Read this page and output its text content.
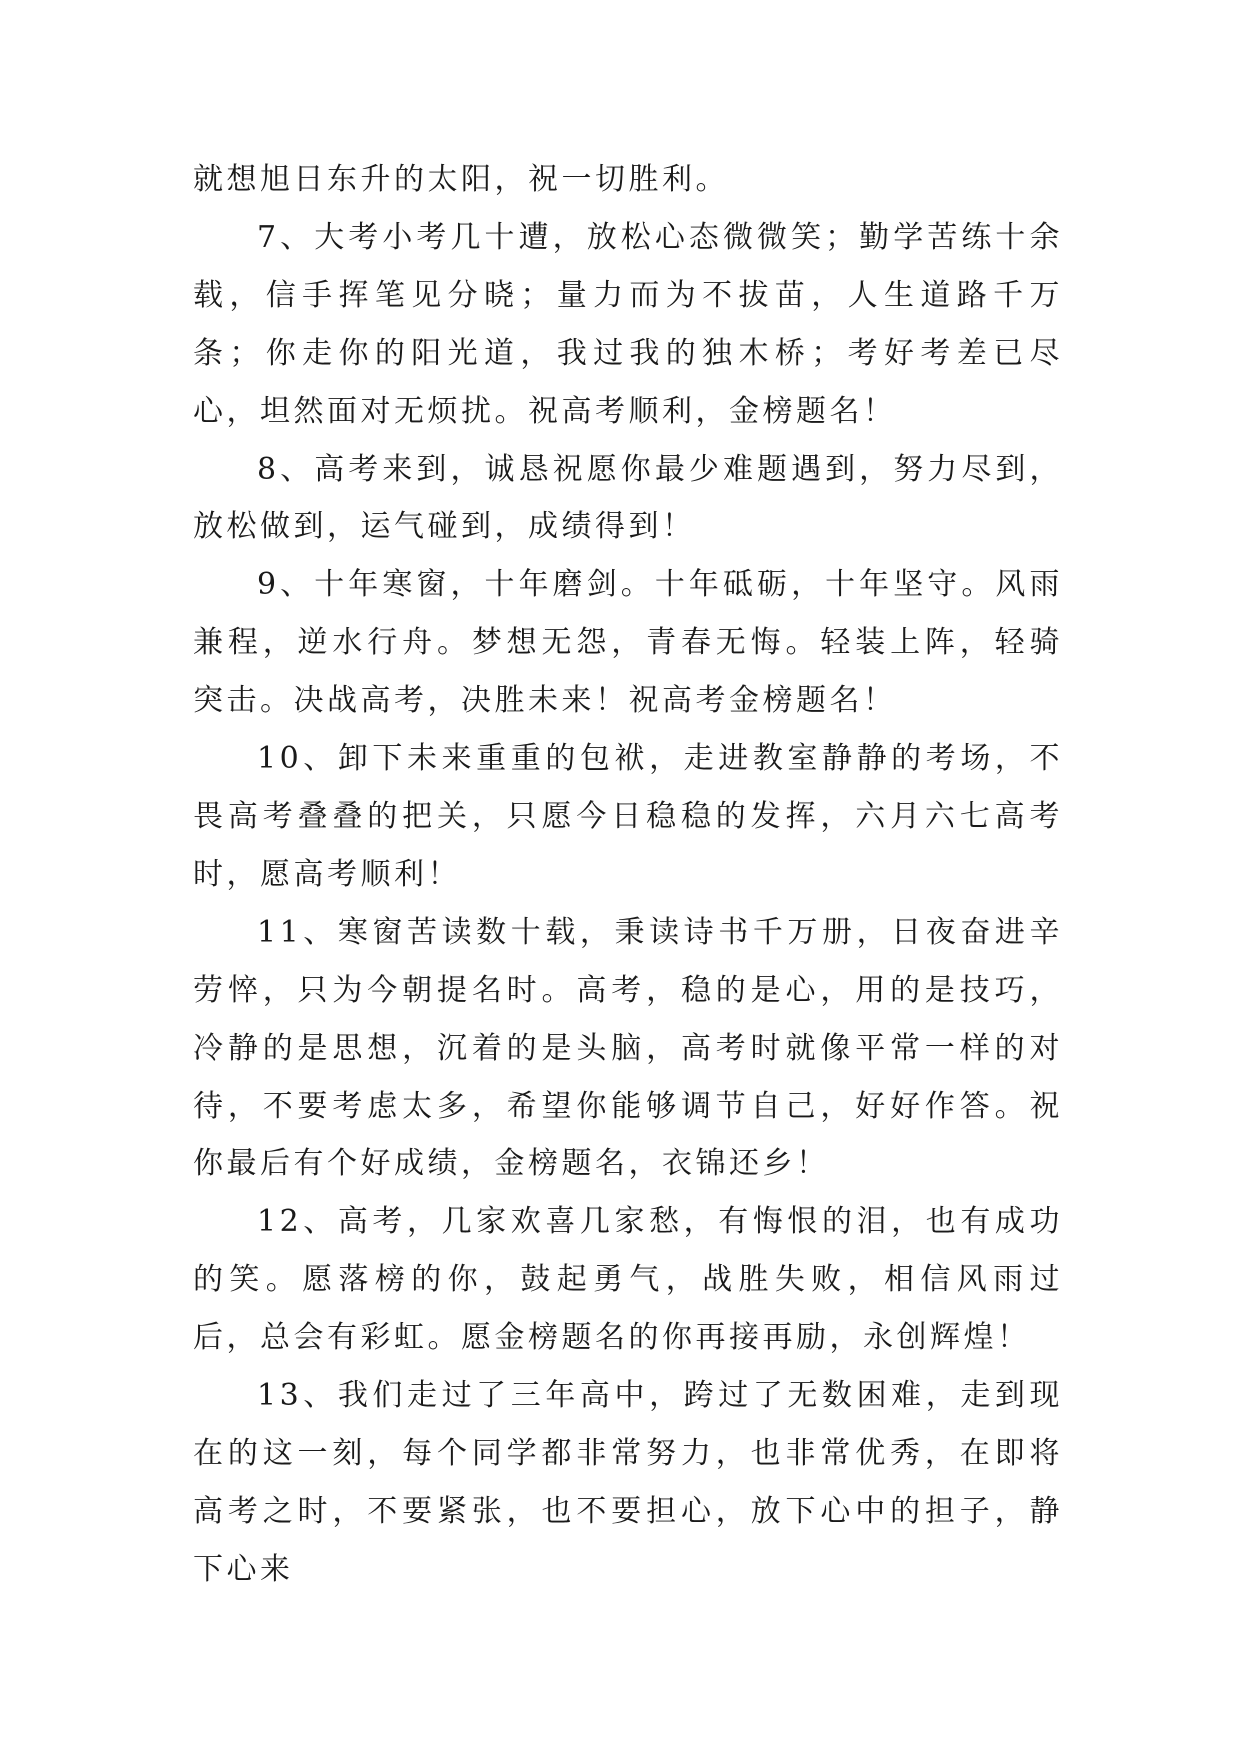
就想旭日东升的太阳，祝一切胜利。

7、大考小考几十遭，放松心态微微笑；勤学苦练十余载，信手挥笔见分晓；量力而为不拔苗，人生道路千万条；你走你的阳光道，我过我的独木桥；考好考差已尽心，坦然面对无烦扰。祝高考顺利，金榜题名！

8、高考来到，诚恳祝愿你最少难题遇到，努力尽到，放松做到，运气碰到，成绩得到！

9、十年寒窗，十年磨剑。十年砥砺，十年坚守。风雨兼程，逆水行舟。梦想无怨，青春无悔。轻装上阵，轻骑突击。决战高考，决胜未来！祝高考金榜题名！

10、卸下未来重重的包袱，走进教室静静的考场，不畏高考叠叠的把关，只愿今日稳稳的发挥，六月六七高考时，愿高考顺利！

11、寒窗苦读数十载，秉读诗书千万册，日夜奋进辛劳悴，只为今朝提名时。高考，稳的是心，用的是技巧，冷静的是思想，沉着的是头脑，高考时就像平常一样的对待，不要考虑太多，希望你能够调节自己，好好作答。祝你最后有个好成绩，金榜题名，衣锦还乡！

12、高考，几家欢喜几家愁，有悔恨的泪，也有成功的笑。愿落榜的你，鼓起勇气，战胜失败，相信风雨过后，总会有彩虹。愿金榜题名的你再接再励，永创辉煌！

13、我们走过了三年高中，跨过了无数困难，走到现在的这一刻，每个同学都非常努力，也非常优秀，在即将高考之时，不要紧张，也不要担心，放下心中的担子，静下心来
